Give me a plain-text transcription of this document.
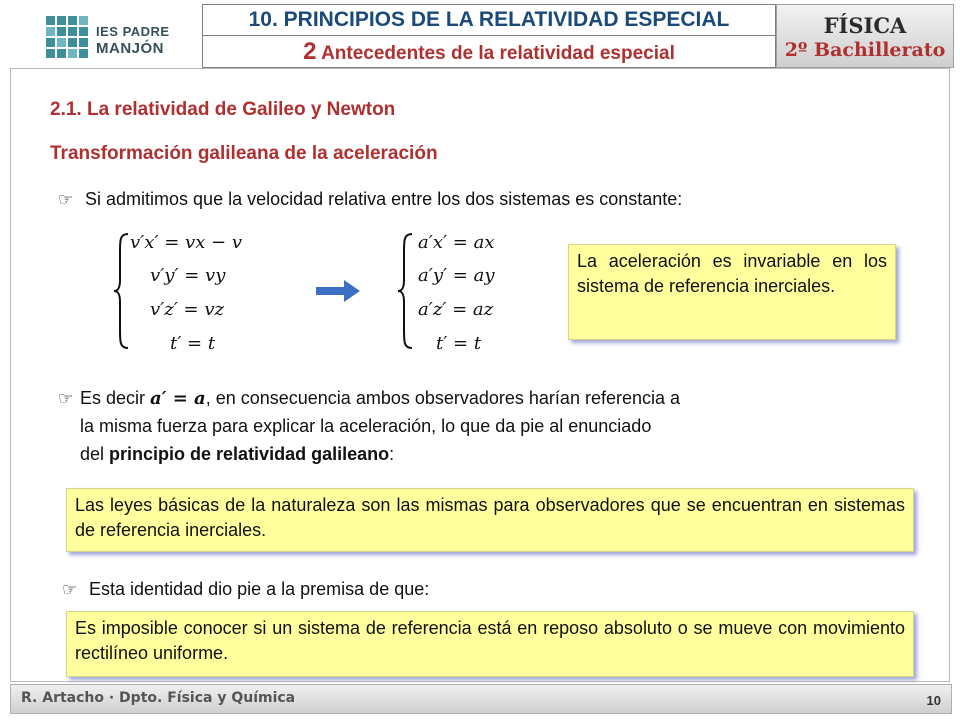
IES PADRE
MANJÓN
10. PRINCIPIOS DE LA RELATIVIDAD ESPECIAL
2 Antecedentes de la relatividad especial
FÍSICA
2º Bachillerato
2.1. La relatividad de Galileo y Newton
Transformación galileana de la aceleración
☞ Si admitimos que la velocidad relativa entre los dos sistemas es constante:
v′x′ = vx − v
v′y′ = vy
v′z′ = vz
t′ = t
a′x′ = ax
a′y′ = ay
a′z′ = az
t′ = t
La aceleración es invariable en los sistema de referencia inerciales.
☞ Es decir a′ = a, en consecuencia ambos observadores harían referencia a
la misma fuerza para explicar la aceleración, lo que da pie al enunciado
del principio de relatividad galileano:
Las leyes básicas de la naturaleza son las mismas para observadores que se encuentran en sistemas de referencia inerciales.
☞ Esta identidad dio pie a la premisa de que:
Es imposible conocer si un sistema de referencia está en reposo absoluto o se mueve con movimiento rectilíneo uniforme.
R. Artacho · Dpto. Física y Química	10
